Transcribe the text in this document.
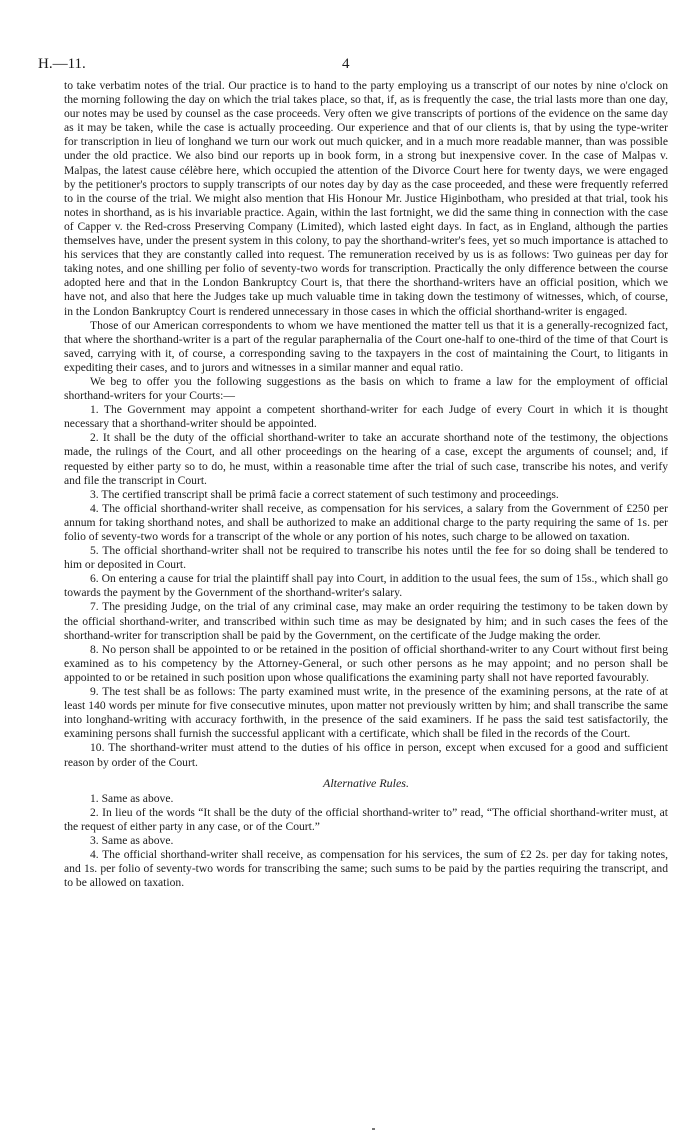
H.—11.	4

to take verbatim notes of the trial. Our practice is to hand to the party employing us a transcript of our notes by nine o'clock on the morning following the day on which the trial takes place, so that, if, as is frequently the case, the trial lasts more than one day, our notes may be used by counsel as the case proceeds. Very often we give transcripts of portions of the evidence on the same day as it may be taken, while the case is actually proceeding. Our experience and that of our clients is, that by using the type-writer for transcription in lieu of longhand we turn our work out much quicker, and in a much more readable manner, than was possible under the old practice. We also bind our reports up in book form, in a strong but inexpensive cover. In the case of Malpas v. Malpas, the latest cause célèbre here, which occupied the attention of the Divorce Court here for twenty days, we were engaged by the petitioner's proctors to supply transcripts of our notes day by day as the case proceeded, and these were frequently referred to in the course of the trial. We might also mention that His Honour Mr. Justice Higinbotham, who presided at that trial, took his notes in shorthand, as is his invariable practice. Again, within the last fortnight, we did the same thing in connection with the case of Capper v. the Red-cross Preserving Company (Limited), which lasted eight days. In fact, as in England, although the parties themselves have, under the present system in this colony, to pay the shorthand-writer's fees, yet so much importance is attached to his services that they are constantly called into request. The remuneration received by us is as follows: Two guineas per day for taking notes, and one shilling per folio of seventy-two words for transcription. Practically the only difference between the course adopted here and that in the London Bankruptcy Court is, that there the shorthand-writers have an official position, which we have not, and also that here the Judges take up much valuable time in taking down the testimony of witnesses, which, of course, in the London Bankruptcy Court is rendered unnecessary in those cases in which the official shorthand-writer is engaged.

Those of our American correspondents to whom we have mentioned the matter tell us that it is a generally-recognized fact, that where the shorthand-writer is a part of the regular paraphernalia of the Court one-half to one-third of the time of that Court is saved, carrying with it, of course, a corresponding saving to the taxpayers in the cost of maintaining the Court, to litigants in expediting their cases, and to jurors and witnesses in a similar manner and equal ratio.

We beg to offer you the following suggestions as the basis on which to frame a law for the employment of official shorthand-writers for your Courts:—

1. The Government may appoint a competent shorthand-writer for each Judge of every Court in which it is thought necessary that a shorthand-writer should be appointed.

2. It shall be the duty of the official shorthand-writer to take an accurate shorthand note of the testimony, the objections made, the rulings of the Court, and all other proceedings on the hearing of a case, except the arguments of counsel; and, if requested by either party so to do, he must, within a reasonable time after the trial of such case, transcribe his notes, and verify and file the transcript in Court.

3. The certified transcript shall be primâ facie a correct statement of such testimony and proceedings.

4. The official shorthand-writer shall receive, as compensation for his services, a salary from the Government of £250 per annum for taking shorthand notes, and shall be authorized to make an additional charge to the party requiring the same of 1s. per folio of seventy-two words for a transcript of the whole or any portion of his notes, such charge to be allowed on taxation.

5. The official shorthand-writer shall not be required to transcribe his notes until the fee for so doing shall be tendered to him or deposited in Court.

6. On entering a cause for trial the plaintiff shall pay into Court, in addition to the usual fees, the sum of 15s., which shall go towards the payment by the Government of the shorthand-writer's salary.

7. The presiding Judge, on the trial of any criminal case, may make an order requiring the testimony to be taken down by the official shorthand-writer, and transcribed within such time as may be designated by him; and in such cases the fees of the shorthand-writer for transcription shall be paid by the Government, on the certificate of the Judge making the order.

8. No person shall be appointed to or be retained in the position of official shorthand-writer to any Court without first being examined as to his competency by the Attorney-General, or such other persons as he may appoint; and no person shall be appointed to or be retained in such position upon whose qualifications the examining party shall not have reported favourably.

9. The test shall be as follows: The party examined must write, in the presence of the examining persons, at the rate of at least 140 words per minute for five consecutive minutes, upon matter not previously written by him; and shall transcribe the same into longhand-writing with accuracy forthwith, in the presence of the said examiners. If he pass the said test satisfactorily, the examining persons shall furnish the successful applicant with a certificate, which shall be filed in the records of the Court.

10. The shorthand-writer must attend to the duties of his office in person, except when excused for a good and sufficient reason by order of the Court.

Alternative Rules.

1. Same as above.

2. In lieu of the words “It shall be the duty of the official shorthand-writer to” read, “The official shorthand-writer must, at the request of either party in any case, or of the Court.”

3. Same as above.

4. The official shorthand-writer shall receive, as compensation for his services, the sum of £2 2s. per day for taking notes, and 1s. per folio of seventy-two words for transcribing the same; such sums to be paid by the parties requiring the transcript, and to be allowed on taxation.
